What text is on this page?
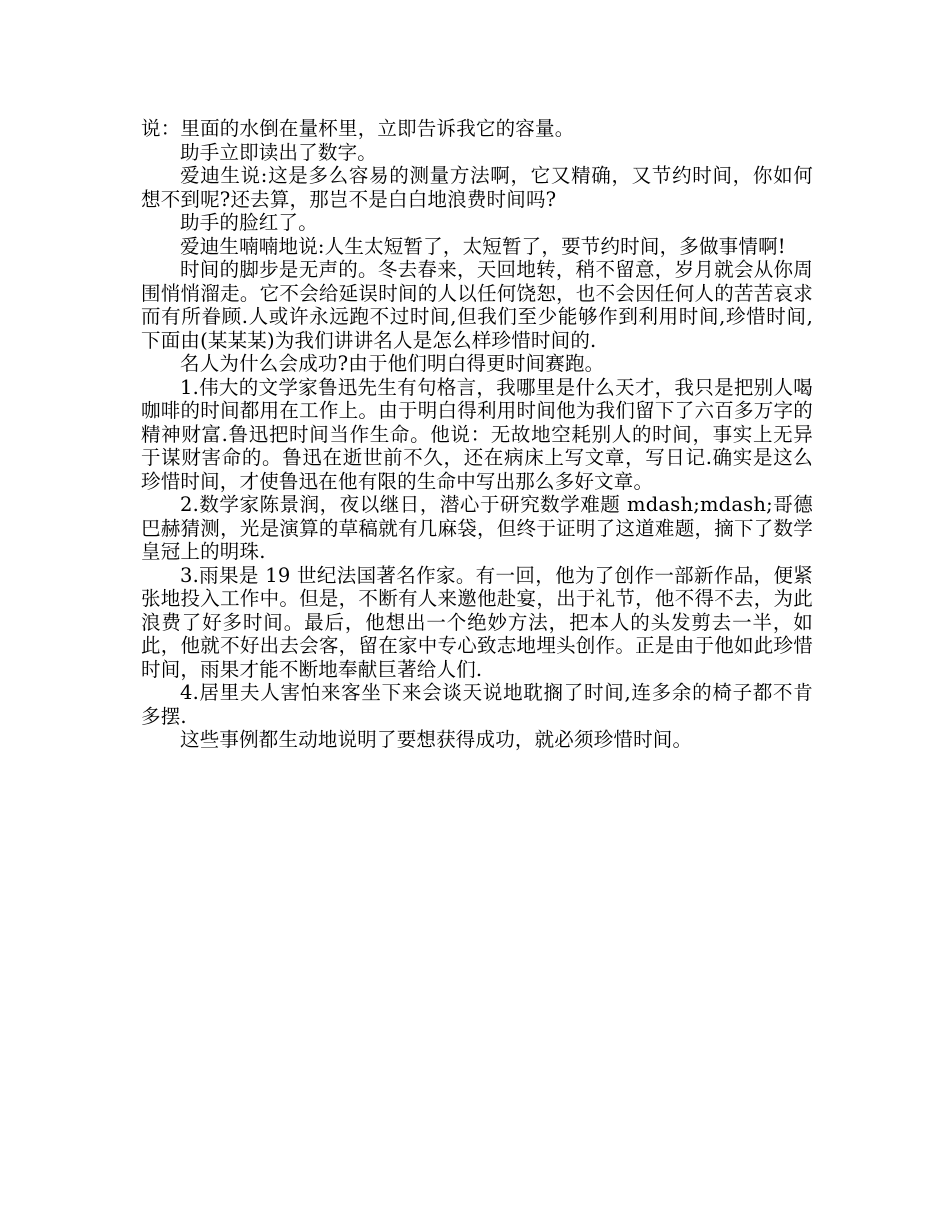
说：里面的水倒在量杯里，立即告诉我它的容量。

助手立即读出了数字。

爱迪生说:这是多么容易的测量方法啊，它又精确，又节约时间，你如何想不到呢?还去算，那岂不是白白地浪费时间吗?

助手的脸红了。

爱迪生喃喃地说:人生太短暂了，太短暂了，要节约时间，多做事情啊!

时间的脚步是无声的。冬去春来，天回地转，稍不留意，岁月就会从你周围悄悄溜走。它不会给延误时间的人以任何饶恕，也不会因任何人的苦苦哀求而有所眷顾.人或许永远跑不过时间,但我们至少能够作到利用时间,珍惜时间,下面由(某某某)为我们讲讲名人是怎么样珍惜时间的.

名人为什么会成功?由于他们明白得更时间赛跑。

1.伟大的文学家鲁迅先生有句格言，我哪里是什么天才，我只是把别人喝咖啡的时间都用在工作上。由于明白得利用时间他为我们留下了六百多万字的精神财富.鲁迅把时间当作生命。他说：无故地空耗别人的时间，事实上无异于谋财害命的。鲁迅在逝世前不久，还在病床上写文章，写日记.确实是这么珍惜时间，才使鲁迅在他有限的生命中写出那么多好文章。

2.数学家陈景润，夜以继日，潜心于研究数学难题 mdash;mdash;哥德巴赫猜测，光是演算的草稿就有几麻袋，但终于证明了这道难题，摘下了数学皇冠上的明珠.

3.雨果是 19 世纪法国著名作家。有一回，他为了创作一部新作品，便紧张地投入工作中。但是，不断有人来邀他赴宴，出于礼节，他不得不去，为此浪费了好多时间。最后，他想出一个绝妙方法，把本人的头发剪去一半，如此，他就不好出去会客，留在家中专心致志地埋头创作。正是由于他如此珍惜时间，雨果才能不断地奉献巨著给人们.

4.居里夫人害怕来客坐下来会谈天说地耽搁了时间,连多余的椅子都不肯多摆.

这些事例都生动地说明了要想获得成功，就必须珍惜时间。
